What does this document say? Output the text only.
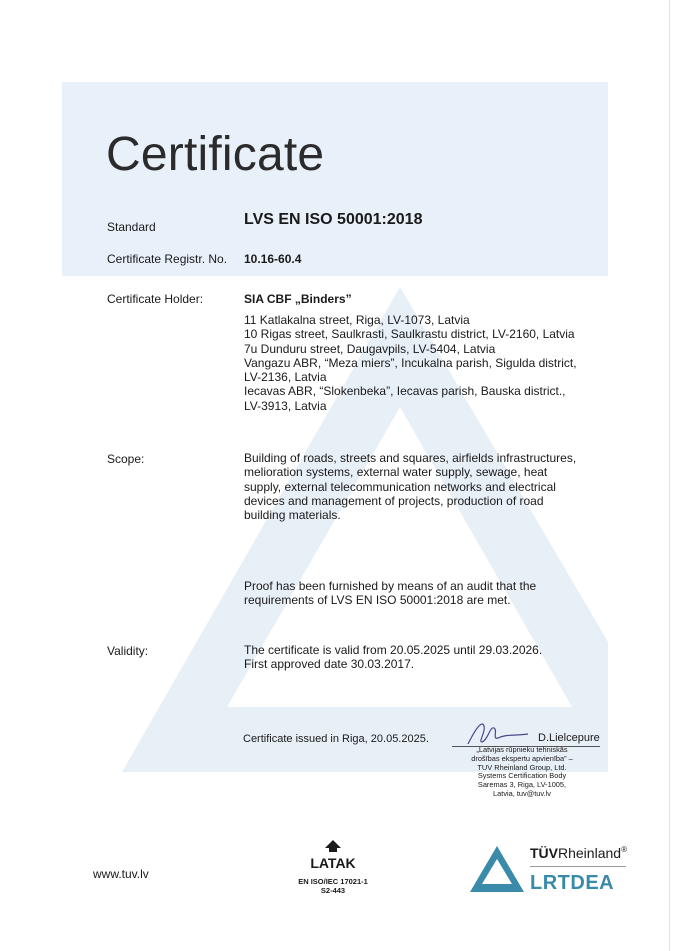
Certificate
Standard	LVS EN ISO 50001:2018
Certificate Registr. No. 10.16-60.4
Certificate Holder:	SIA CBF „Binders”
11 Katlakalna street, Riga, LV-1073, Latvia
10 Rigas street, Saulkrasti, Saulkrastu district, LV-2160, Latvia
7u Dunduru street, Daugavpils, LV-5404, Latvia
Vangazu ABR, “Meza miers”, Incukalna parish, Sigulda district,
LV-2136, Latvia
Iecavas ABR, “Slokenbeka”, Iecavas parish, Bauska district.,
LV-3913, Latvia
Scope:	Building of roads, streets and squares, airfields infrastructures,
melioration systems, external water supply, sewage, heat
supply, external telecommunication networks and electrical
devices and management of projects, production of road
building materials.
Proof has been furnished by means of an audit that the
requirements of LVS EN ISO 50001:2018 are met.
Validity:	The certificate is valid from 20.05.2025 until 29.03.2026.
First approved date 30.03.2017.
Certificate issued in Riga, 20.05.2025.	D.Lielcepure
„Latvijas rūpnieku tehniskās
drošības ekspertu apvienība” –
TUV Rheinland Group, Ltd.
Systems Certification Body
Saremas 3, Riga, LV-1005,
Latvia, tuv@tuv.lv
www.tuv.lv
LATAK
EN ISO/IEC 17021-1
S2-443
TÜVRheinland®
LRTDEA
